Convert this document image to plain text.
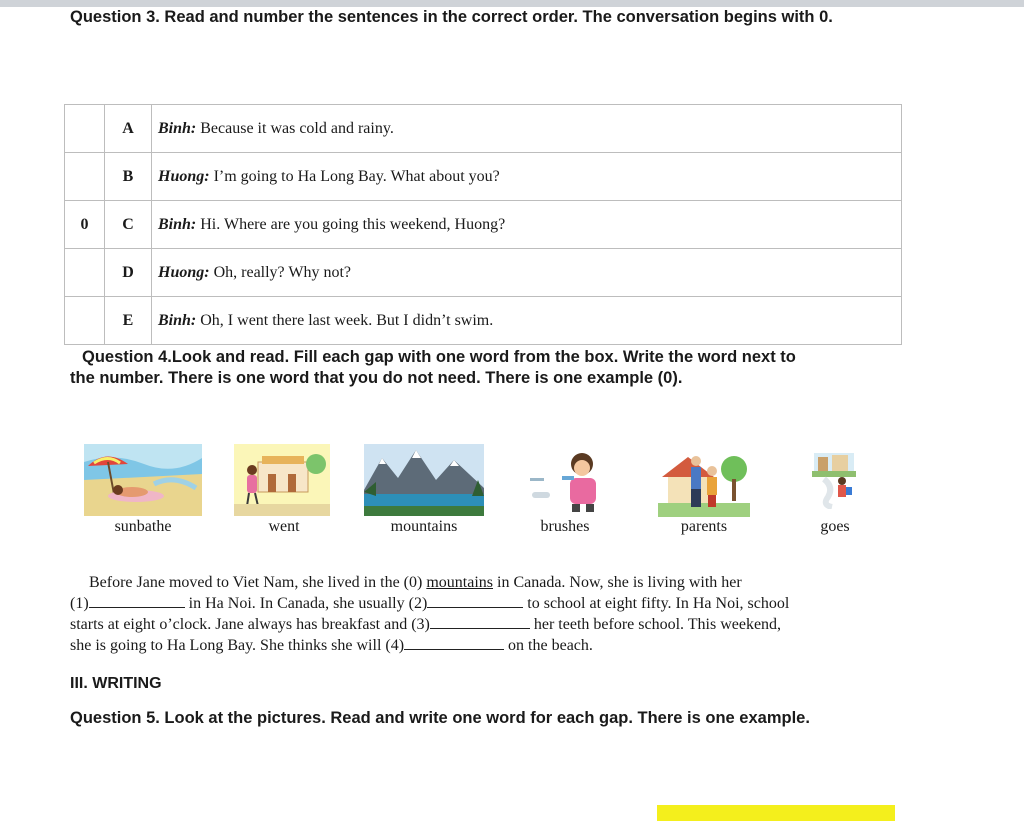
Question 3. Read and number the sentences in the correct order. The conversation begins with 0.
	A	Binh: Because it was cold and rainy.
	B	Huong: I’m going to Ha Long Bay. What about you?
0	C	Binh: Hi. Where are you going this weekend, Huong?
	D	Huong: Oh, really? Why not?
	E	Binh: Oh, I went there last week. But I didn’t swim.
Question 4.Look and read. Fill each gap with one word from the box. Write the word next to
the number. There is one word that you do not need. There is one example (0).
sunbathe	went	mountains	brushes	parents	goes
Before Jane moved to Viet Nam, she lived in the (0) mountains in Canada. Now, she is living with her
(1)	in Ha Noi. In Canada, she usually (2)	to school at eight fifty. In Ha Noi, school
starts at eight o’clock. Jane always has breakfast and (3)	her teeth before school. This weekend,
she is going to Ha Long Bay. She thinks she will (4)	on the beach.
III. WRITING
Question 5. Look at the pictures. Read and write one word for each gap. There is one example.
